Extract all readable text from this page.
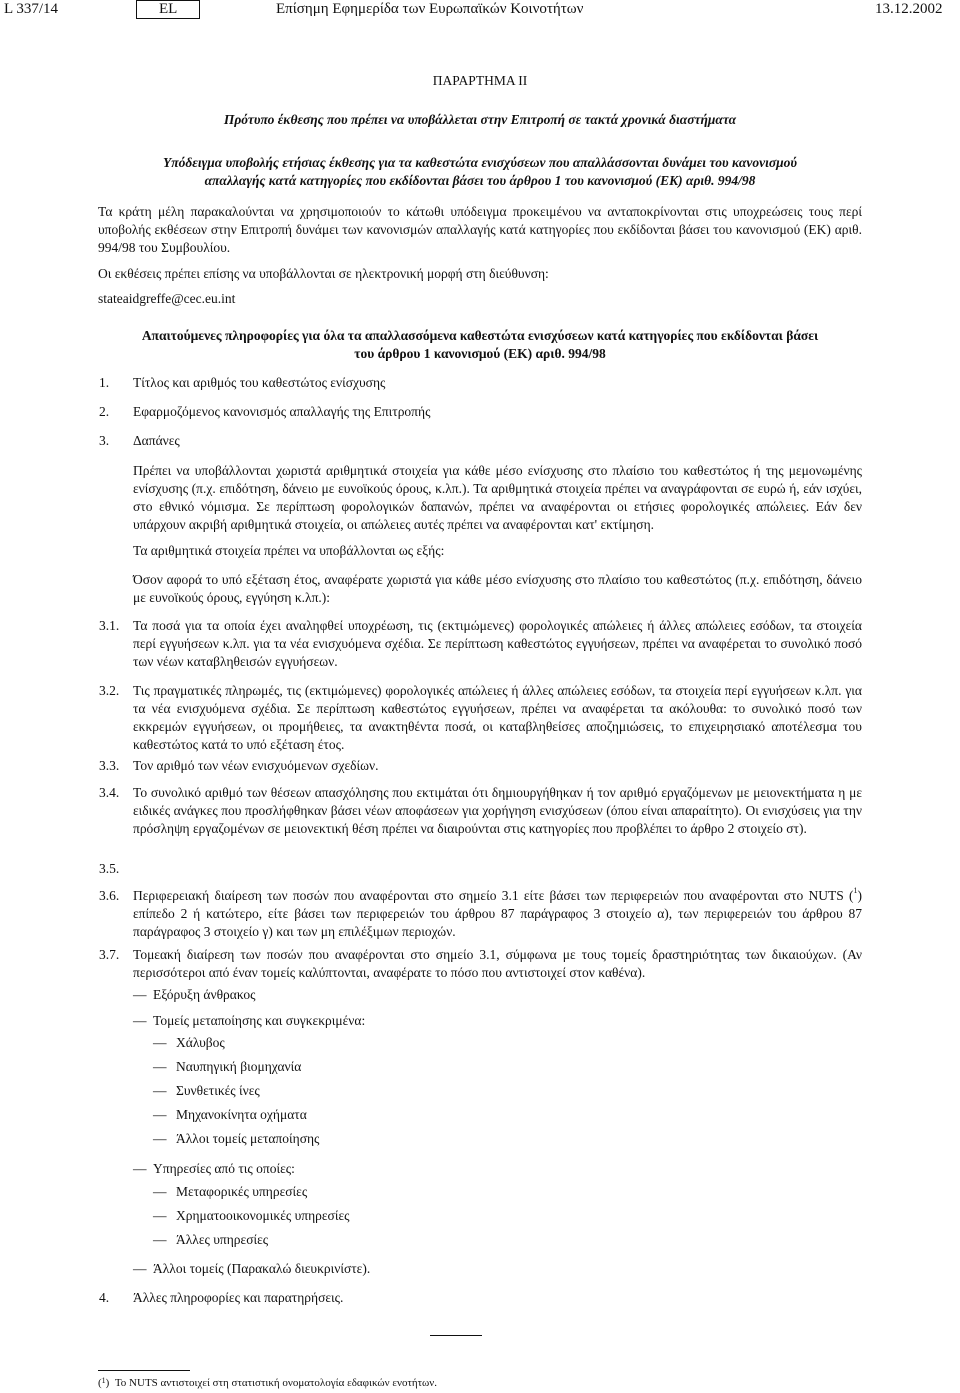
L 337/14	EL	Επίσημη Εφημερίδα των Ευρωπαϊκών Κοινοτήτων	13.12.2002
ΠΑΡΑΡΤΗΜΑ II
Πρότυπο έκθεσης που πρέπει να υποβάλλεται στην Επιτροπή σε τακτά χρονικά διαστήματα
Υπόδειγμα υποβολής ετήσιας έκθεσης για τα καθεστώτα ενισχύσεων που απαλλάσσονται δυνάμει του κανονισμού
απαλλαγής κατά κατηγορίες που εκδίδονται βάσει του άρθρου 1 του κανονισμού (ΕΚ) αριθ. 994/98
Τα κράτη μέλη παρακαλούνται να χρησιμοποιούν το κάτωθι υπόδειγμα προκειμένου να ανταποκρίνονται στις υποχρεώσεις τους περί υποβολής εκθέσεων στην Επιτροπή δυνάμει των κανονισμών απαλλαγής κατά κατηγορίες που εκδίδονται βάσει του κανονισμού (ΕΚ) αριθ. 994/98 του Συμβουλίου.
Οι εκθέσεις πρέπει επίσης να υποβάλλονται σε ηλεκτρονική μορφή στη διεύθυνση:
stateaidgreffe@cec.eu.int
Απαιτούμενες πληροφορίες για όλα τα απαλλασσόμενα καθεστώτα ενισχύσεων κατά κατηγορίες που εκδίδονται βάσει
του άρθρου 1 κανονισμού (ΕΚ) αριθ. 994/98
1. Τίτλος και αριθμός του καθεστώτος ενίσχυσης
2. Εφαρμοζόμενος κανονισμός απαλλαγής της Επιτροπής
3. Δαπάνες
Πρέπει να υποβάλλονται χωριστά αριθμητικά στοιχεία για κάθε μέσο ενίσχυσης στο πλαίσιο του καθεστώτος ή της μεμονωμένης ενίσχυσης (π.χ. επιδότηση, δάνειο με ευνοϊκούς όρους, κ.λπ.). Τα αριθμητικά στοιχεία πρέπει να αναγράφονται σε ευρώ ή, εάν ισχύει, στο εθνικό νόμισμα. Σε περίπτωση φορολογικών δαπανών, πρέπει να αναφέρονται οι ετήσιες φορολογικές απώλειες. Εάν δεν υπάρχουν ακριβή αριθμητικά στοιχεία, οι απώλειες αυτές πρέπει να αναφέρονται κατ' εκτίμηση.
Τα αριθμητικά στοιχεία πρέπει να υποβάλλονται ως εξής:
Όσον αφορά το υπό εξέταση έτος, αναφέρατε χωριστά για κάθε μέσο ενίσχυσης στο πλαίσιο του καθεστώτος (π.χ. επιδότηση, δάνειο με ευνοϊκούς όρους, εγγύηση κ.λπ.):
3.1. Τα ποσά για τα οποία έχει αναληφθεί υποχρέωση, τις (εκτιμώμενες) φορολογικές απώλειες ή άλλες απώλειες εσόδων, τα στοιχεία περί εγγυήσεων κ.λπ. για τα νέα ενισχυόμενα σχέδια. Σε περίπτωση καθεστώτος εγγυήσεων, πρέπει να αναφέρεται το συνολικό ποσό των νέων καταβληθεισών εγγυήσεων.
3.2. Τις πραγματικές πληρωμές, τις (εκτιμώμενες) φορολογικές απώλειες ή άλλες απώλειες εσόδων, τα στοιχεία περί εγγυήσεων κ.λπ. για τα νέα ενισχυόμενα σχέδια. Σε περίπτωση καθεστώτος εγγυήσεων, πρέπει να αναφέρεται τα ακόλουθα: το συνολικό ποσό των εκκρεμών εγγυήσεων, οι προμήθειες, τα ανακτηθέντα ποσά, οι καταβληθείσες αποζημιώσεις, το επιχειρησιακό αποτέλεσμα του καθεστώτος κατά το υπό εξέταση έτος.
3.3. Τον αριθμό των νέων ενισχυόμενων σχεδίων.
3.4. Το συνολικό αριθμό των θέσεων απασχόλησης που εκτιμάται ότι δημιουργήθηκαν ή τον αριθμό εργαζόμενων με μειονεκτήματα η με ειδικές ανάγκες που προσλήφθηκαν βάσει νέων αποφάσεων για χορήγηση ενισχύσεων (όπου είναι απαραίτητο). Οι ενισχύσεις για την πρόσληψη εργαζομένων σε μειονεκτική θέση πρέπει να διαιρούνται στις κατηγορίες που προβλέπει το άρθρο 2 στοιχείο στ).
3.5.
3.6. Περιφερειακή διαίρεση των ποσών που αναφέρονται στο σημείο 3.1 είτε βάσει των περιφερειών που αναφέρονται στο NUTS ($^1$) επίπεδο 2 ή κατώτερο, είτε βάσει των περιφερειών του άρθρου 87 παράγραφος 3 στοιχείο α), των περιφερειών του άρθρου 87 παράγραφος 3 στοιχείο γ) και των μη επιλέξιμων περιοχών.
3.7. Τομεακή διαίρεση των ποσών που αναφέρονται στο σημείο 3.1, σύμφωνα με τους τομείς δραστηριότητας των δικαιούχων. (Αν περισσότεροι από έναν τομείς καλύπτονται, αναφέρατε το πόσο που αντιστοιχεί στον καθένα).
— Εξόρυξη άνθρακος
— Τομείς μεταποίησης και συγκεκριμένα:
— Χάλυβος
— Ναυπηγική βιομηχανία
— Συνθετικές ίνες
— Μηχανοκίνητα οχήματα
— Άλλοι τομείς μεταποίησης
— Υπηρεσίες από τις οποίες:
— Μεταφορικές υπηρεσίες
— Χρηματοοικονομικές υπηρεσίες
— Άλλες υπηρεσίες
— Άλλοι τομείς (Παρακαλώ διευκρινίστε).
4. Άλλες πληροφορίες και παρατηρήσεις.
($^1$)  Το NUTS αντιστοιχεί στη στατιστική ονοματολογία εδαφικών ενοτήτων.
